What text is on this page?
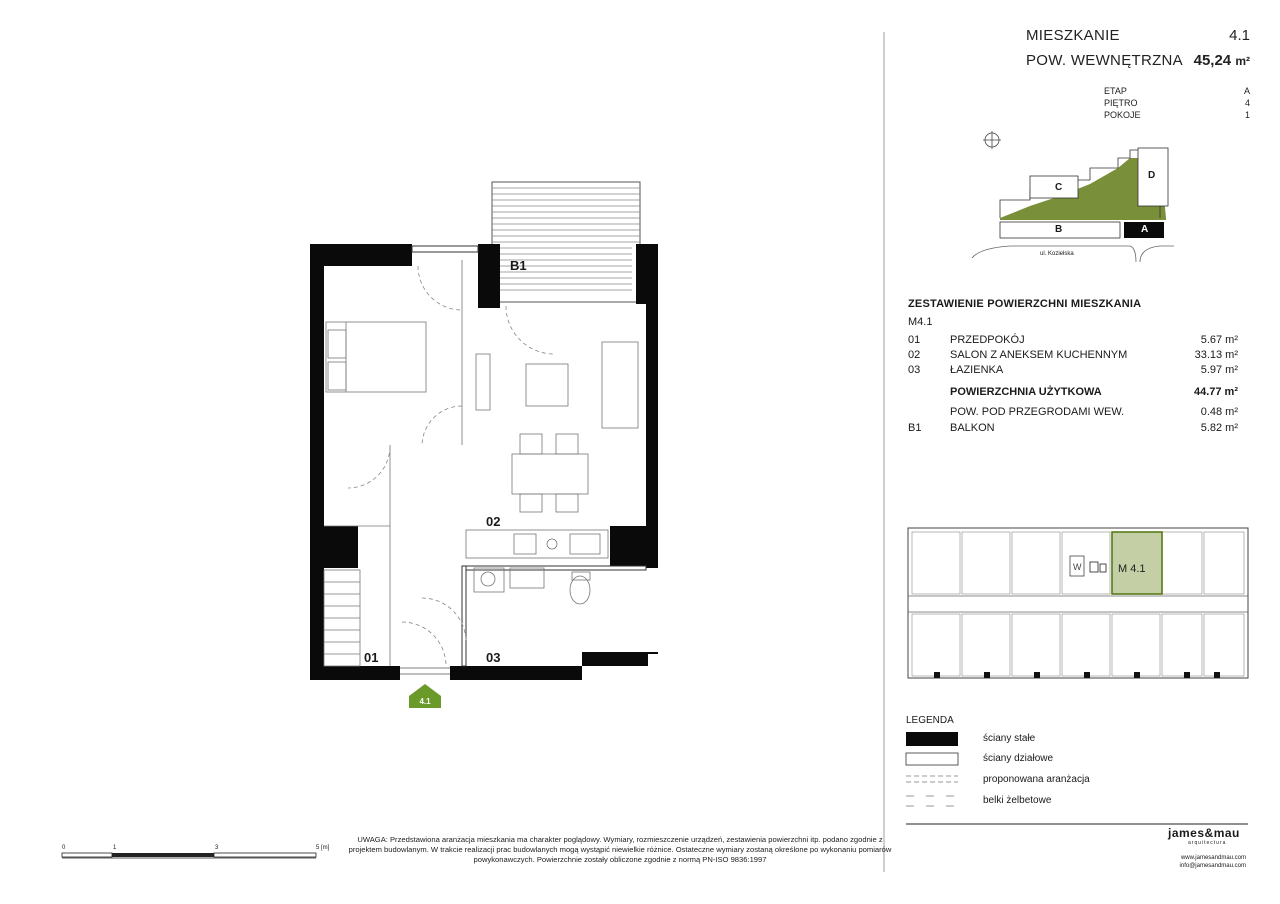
B1
02
01	03
4.1
MIESZKANIE	4.1
POW. WEWNĘTRZNA 45,24 m²
ETAP	A
PIĘTRO	4
POKOJE	1
D
C
B	A
ul. Koziełska
ZESTAWIENIE POWIERZCHNI MIESZKANIA
M4.1
01	PRZEDPOKÓJ	5.67 m²
02	SALON Z ANEKSEM KUCHENNYM	33.13 m²
03	ŁAZIENKA	5.97 m²
POWIERZCHNIA UŻYTKOWA	44.77 m²
POW. POD PRZEGRODAMI WEW.	0.48 m²
B1	BALKON	5.82 m²
M 4.1
W
LEGENDA
ściany stałe
ściany działowe
proponowana aranżacja
belki żelbetowe
0	1	3	5 [m]
UWAGA: Przedstawiona aranżacja mieszkania ma charakter poglądowy. Wymiary, rozmieszczenie urządzeń, zestawienia powierzchni itp. podano zgodnie z projektem budowlanym. W trakcie realizacji prac budowlanych mogą wystąpić niewielkie różnice. Ostateczne wymiary zostaną określone po wykonaniu pomiarów powykonawczych. Powierzchnie zostały obliczone zgodnie z normą PN-ISO 9836:1997
james&mau
arquitectura
www.jamesandmau.com
info@jamesandmau.com
